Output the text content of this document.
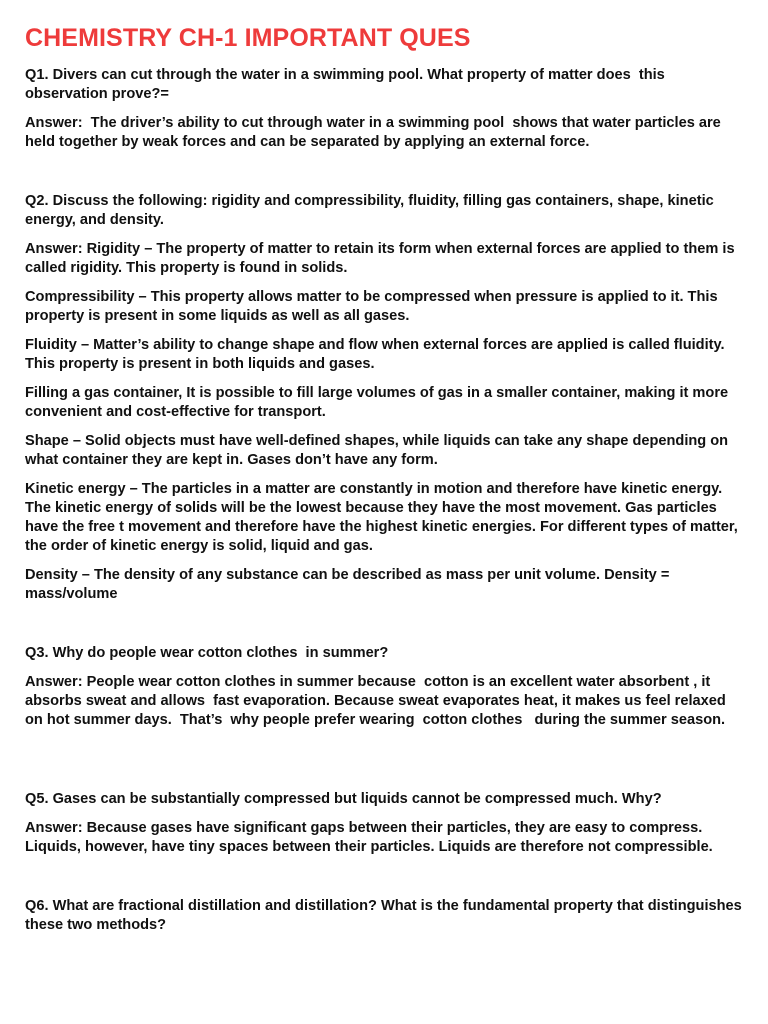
CHEMISTRY CH-1 IMPORTANT QUES

Q1. Divers can cut through the water in a swimming pool. What property of matter does  this observation prove?=

Answer:  The driver’s ability to cut through water in a swimming pool  shows that water particles are held together by weak forces and can be separated by applying an external force.

Q2. Discuss the following: rigidity and compressibility, fluidity, filling gas containers, shape, kinetic energy, and density.

Answer: Rigidity – The property of matter to retain its form when external forces are applied to them is called rigidity. This property is found in solids.

Compressibility – This property allows matter to be compressed when pressure is applied to it. This property is present in some liquids as well as all gases.

Fluidity – Matter’s ability to change shape and flow when external forces are applied is called fluidity. This property is present in both liquids and gases.

Filling a gas container, It is possible to fill large volumes of gas in a smaller container, making it more convenient and cost-effective for transport.

Shape – Solid objects must have well-defined shapes, while liquids can take any shape depending on what container they are kept in. Gases don’t have any form.

Kinetic energy – The particles in a matter are constantly in motion and therefore have kinetic energy. The kinetic energy of solids will be the lowest because they have the most movement. Gas particles have the free t movement and therefore have the highest kinetic energies. For different types of matter, the order of kinetic energy is solid, liquid and gas.

Density – The density of any substance can be described as mass per unit volume. Density = mass/volume

Q3. Why do people wear cotton clothes  in summer?

Answer: People wear cotton clothes in summer because  cotton is an excellent water absorbent , it absorbs sweat and allows  fast evaporation. Because sweat evaporates heat, it makes us feel relaxed on hot summer days.  That’s  why people prefer wearing  cotton clothes   during the summer season.

Q5. Gases can be substantially compressed but liquids cannot be compressed much. Why?

Answer: Because gases have significant gaps between their particles, they are easy to compress. Liquids, however, have tiny spaces between their particles. Liquids are therefore not compressible.

Q6. What are fractional distillation and distillation? What is the fundamental property that distinguishes these two methods?
